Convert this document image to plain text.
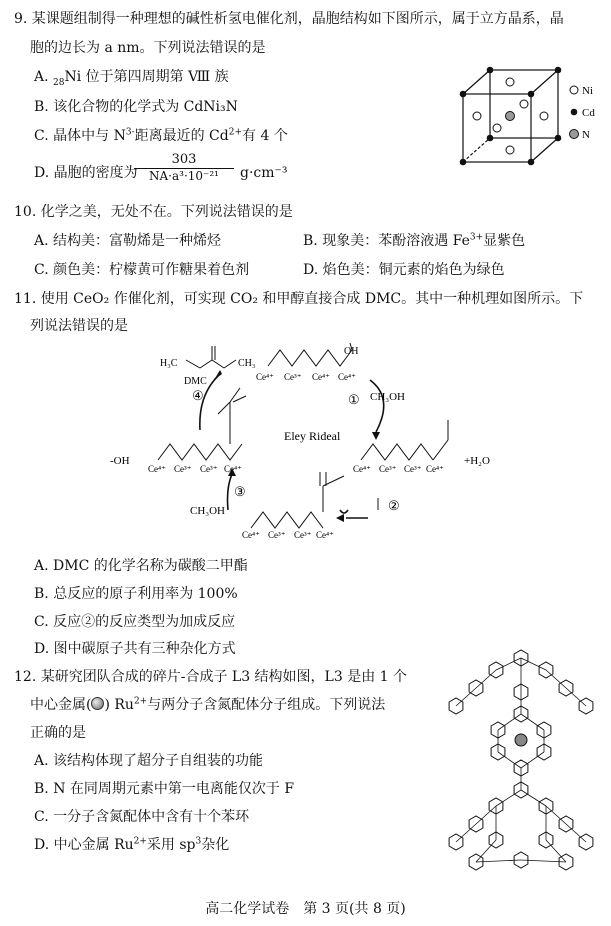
9. 某课题组制得一种理想的碱性析氢电催化剂，晶胞结构如下图所示，属于立方晶系，晶
胞的边长为 a nm。下列说法错误的是
A. $_{28}$Ni 位于第四周期第 Ⅷ 族
B. 该化合物的化学式为 CdNi₃N
C. 晶体中与 $N^{3-}$距离最近的 $Cd^{2+}$有 4 个
D. 晶胞的密度为
$\frac{303}{\text{NA·a³·10⁻²¹}} g\cdot cm^{-3}$
Ni
Cd
N
10. 化学之美，无处不在。下列说法错误的是
A. 结构美：富勒烯是一种烯烃	B. 现象美：苯酚溶液遇 $Fe^{3+}$显紫色
C. 颜色美：柠檬黄可作糖果着色剂	D. 焰色美：铜元素的焰色为绿色
11. 使用 CeO₂ 作催化剂，可实现 CO₂ 和甲醇直接合成 DMC。其中一种机理如图所示。下
列说法错误的是
Ce⁴⁺ Ce³⁺ Ce⁴⁺ Ce⁴⁺
Ce⁴⁺ Ce³⁺ Ce³⁺ Ce⁴⁺	Ce⁴⁺ Ce³⁺ Ce³⁺ Ce⁴⁺
Ce⁴⁺ Ce³⁺ Ce³⁺ Ce⁴⁺
Eley Rideal
① CH₃OH
②
③
CH₃OH
④
DMC
H₃C	CH₃
-OH	+H₂O
OH
A. DMC 的化学名称为碳酸二甲酯
B. 总反应的原子利用率为 100%
C. 反应②的反应类型为加成反应
D. 图中碳原子共有三种杂化方式
12. 某研究团队合成的碎片-合成子 L3 结构如图，L3 是由 1 个
中心金属( ) $Ru^{2+}$与两分子含氮配体分子组成。下列说法
正确的是
A. 该结构体现了超分子自组装的功能
B. N 在同周期元素中第一电离能仅次于 F
C. 一分子含氮配体中含有十个苯环
D. 中心金属 $Ru^{2+}$采用 $sp^3$杂化
高二化学试卷　第 3 页(共 8 页)
